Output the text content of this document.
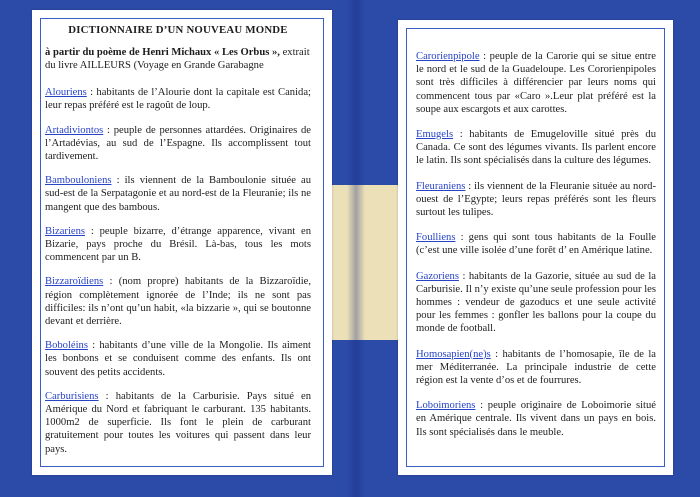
DICTIONNAIRE D’UN NOUVEAU MONDE
à partir du poème de Henri Michaux « Les Orbus », extrait du livre AILLEURS (Voyage en Grande Garabagne
Alouriens : habitants de l’Alourie dont la capitale est Canida; leur repas préféré est le ragoût de loup.
Artadiviontos : peuple de personnes attardées. Originaires de l’Artadévias, au sud de l’Espagne. Ils accomplissent tout tardivement.
Bambouloniens : ils viennent de la Bamboulonie située au sud-est de la Serpatagonie et au nord-est de la Fleuranie; ils ne mangent que des bambous.
Bizariens : peuple bizarre, d’étrange apparence, vivant en Bizarie, pays proche du Brésil. Là-bas, tous les mots commencent par un B.
Bizzaroïdiens : (nom propre) habitants de la Bizzaroïdie, région complètement ignorée de l’Inde; ils ne sont pas difficiles: ils n’ont qu’un habit, «la bizzarie », qui se boutonne devant et derrière.
Boboléins : habitants d’une ville de la Mongolie. Ils aiment les bonbons et se conduisent comme des enfants. Ils ont souvent des petits accidents.
Carburisiens : habitants de la Carburisie. Pays situé en Amérique du Nord et fabriquant le carburant. 135 habitants. 1000m2 de superficie. Ils font le plein de carburant gratuitement pour toutes les voitures qui passent dans leur pays.
Carorienpipole : peuple de la Carorie qui se situe entre le nord et le sud de la Guadeloupe. Les Cororienpipoles sont très difficiles à différencier par leurs noms qui commencent tous par «Caro ».Leur plat préféré est la soupe aux escargots et aux carottes.
Emugels : habitants de Emugeloville situé près du Canada. Ce sont des légumes vivants. Ils parlent encore le latin. Ils sont spécialisés dans la culture des légumes.
Fleuraniens : ils viennent de la Fleuranie située au nord-ouest de l’Egypte; leurs repas préférés sont les fleurs surtout les tulipes.
Foulliens : gens qui sont tous habitants de la Foulle (c’est une ville isolée d’une forêt d’ en Amérique latine.
Gazoriens : habitants de la Gazorie, située au sud de la Carburisie. Il n’y existe qu’une seule profession pour les hommes : vendeur de gazoducs et une seule activité pour les femmes : gonfler les ballons pour la coupe du monde de football.
Homosapien(ne)s : habitants de l’homosapie, île de la mer Méditerranée. La principale industrie de cette région est la vente d’os et de fourrures.
Loboimoriens : peuple originaire de Loboimorie situé en Amérique centrale. Ils vivent dans un pays en bois. Ils sont spécialisés dans le meuble.
